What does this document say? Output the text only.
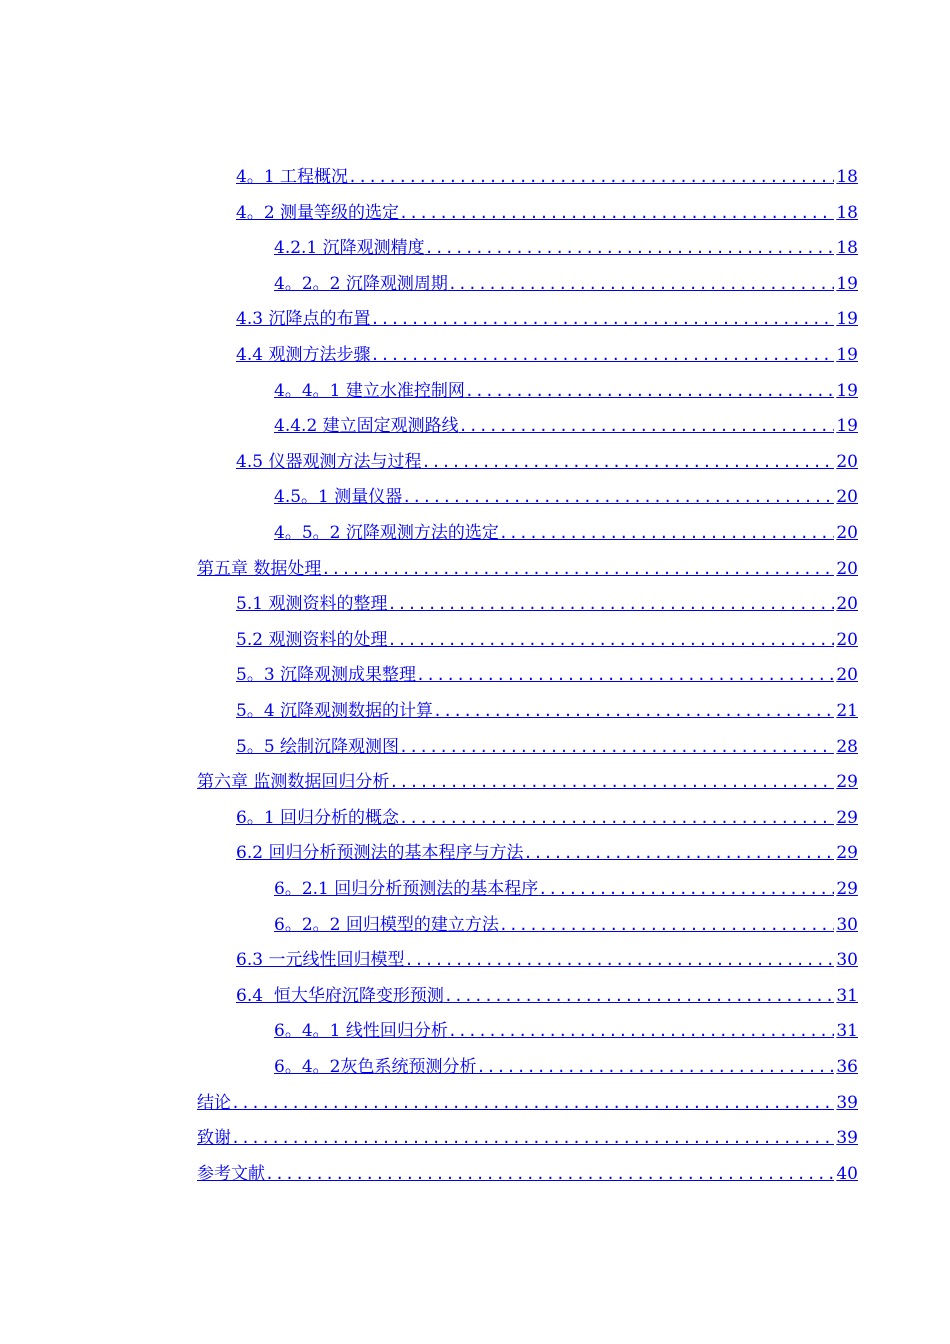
4。1 工程概况 .....	18
4。2 测量等级的选定 .....	18
4.2.1 沉降观测精度 .....	18
4。2。2 沉降观测周期 .....	19
4.3 沉降点的布置 .....	19
4.4 观测方法步骤 .....	19
4。4。1 建立水准控制网 .....	19
4.4.2 建立固定观测路线 .....	19
4.5 仪器观测方法与过程 .....	20
4.5。1 测量仪器 .....	20
4。5。2 沉降观测方法的选定 .....	20
第五章 数据处理 .....	20
5.1 观测资料的整理 .....	20
5.2 观测资料的处理 .....	20
5。3 沉降观测成果整理 .....	20
5。4 沉降观测数据的计算 .....	21
5。5 绘制沉降观测图 .....	28
第六章 监测数据回归分析 .....	29
6。1 回归分析的概念 .....	29
6.2 回归分析预测法的基本程序与方法 .....	29
6。2.1 回归分析预测法的基本程序 .....	29
6。2。2 回归模型的建立方法 .....	30
6.3 一元线性回归模型 .....	30
6.4  恒大华府沉降变形预测 .....	31
6。4。1 线性回归分析 .....	31
6。4。2灰色系统预测分析 .....	36
结论 .....	39
致谢 .....	39
参考文献 .....	40
